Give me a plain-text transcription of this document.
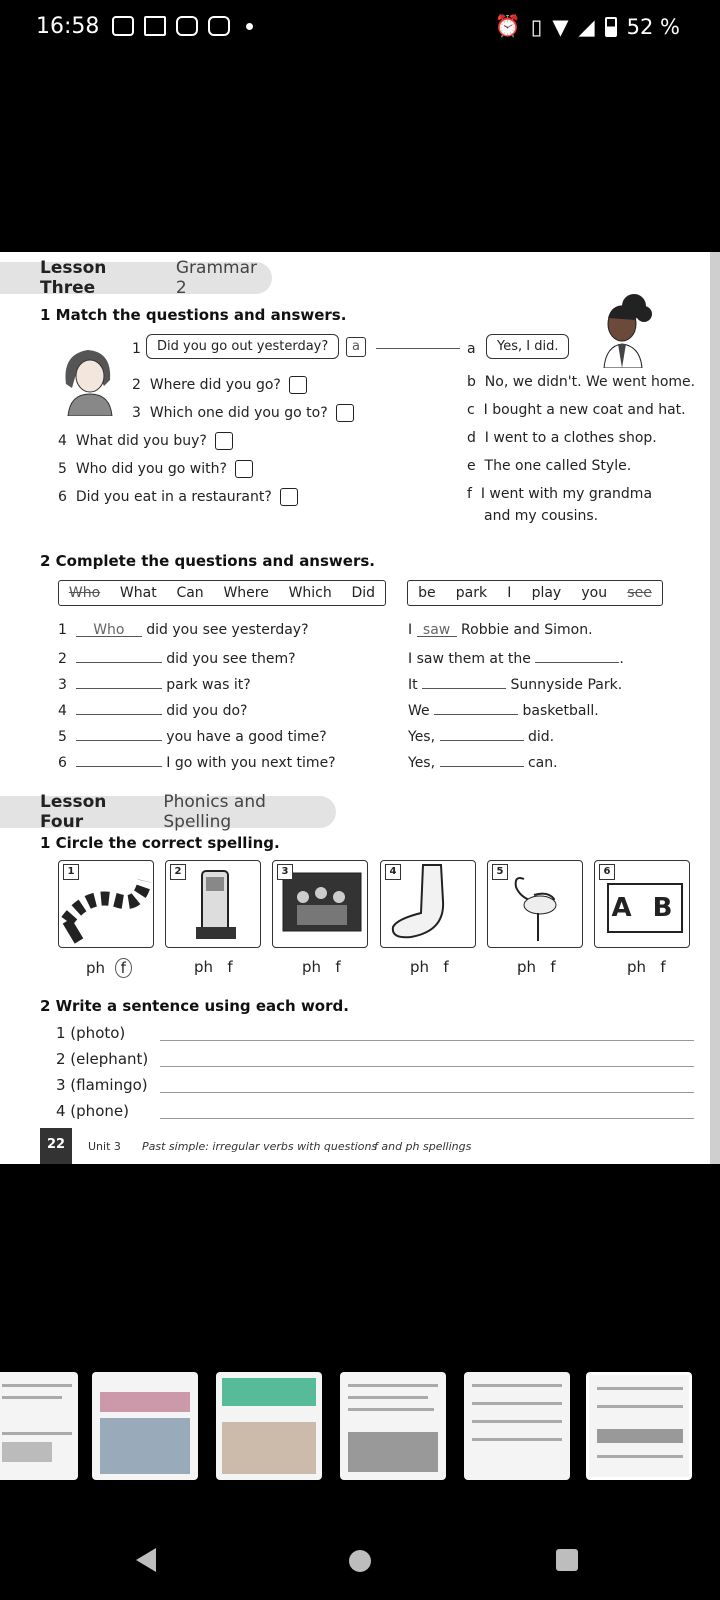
16:58	⏰ ▯ ▼ ◢ 52 %
Lesson Three
Grammar 2
1 Match the questions and answers.
1	Did you go out yesterday?	a	a	Yes, I did.
2 Where did you go?
3 Which one did you go to?
4 What did you buy?
5 Who did you go with?
6 Did you eat in a restaurant?
b No, we didn't. We went home.
c I bought a new coat and hat.
d I went to a clothes shop.
e The one called Style.
f I went with my grandma
and my cousins.
2 Complete the questions and answers.
Who What Can Where Which Did	be park I play you see
1 Who did you see yesterday?	I saw Robbie and Simon.
2	did you see them?	I saw them at the	.
3	park was it?	It	Sunnyside Park.
4	did you do?	We	basketball.
5	you have a good time?	Yes,	did.
6	I go with you next time?	Yes,	can.
Lesson Four
Phonics and Spelling
1 Circle the correct spelling.
1	2	3	4	5	6
A B
ph f	ph f	ph f	ph f	ph f	ph f
2 Write a sentence using each word.
1 (photo)
2 (elephant)
3 (flamingo)
4 (phone)
22	Unit 3 Past simple: irregular verbs with questions
f and ph spellings
